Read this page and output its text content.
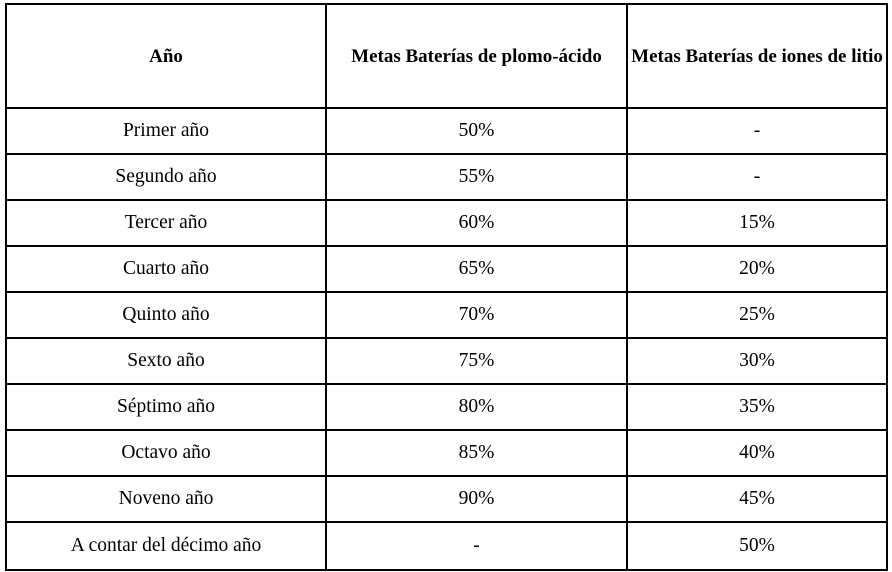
Año	Metas Baterías de plomo-ácido	Metas Baterías de iones de litio
Primer año	50%	-
Segundo año	55%	-
Tercer año	60%	15%
Cuarto año	65%	20%
Quinto año	70%	25%
Sexto año	75%	30%
Séptimo año	80%	35%
Octavo año	85%	40%
Noveno año	90%	45%
A contar del décimo año	-	50%
